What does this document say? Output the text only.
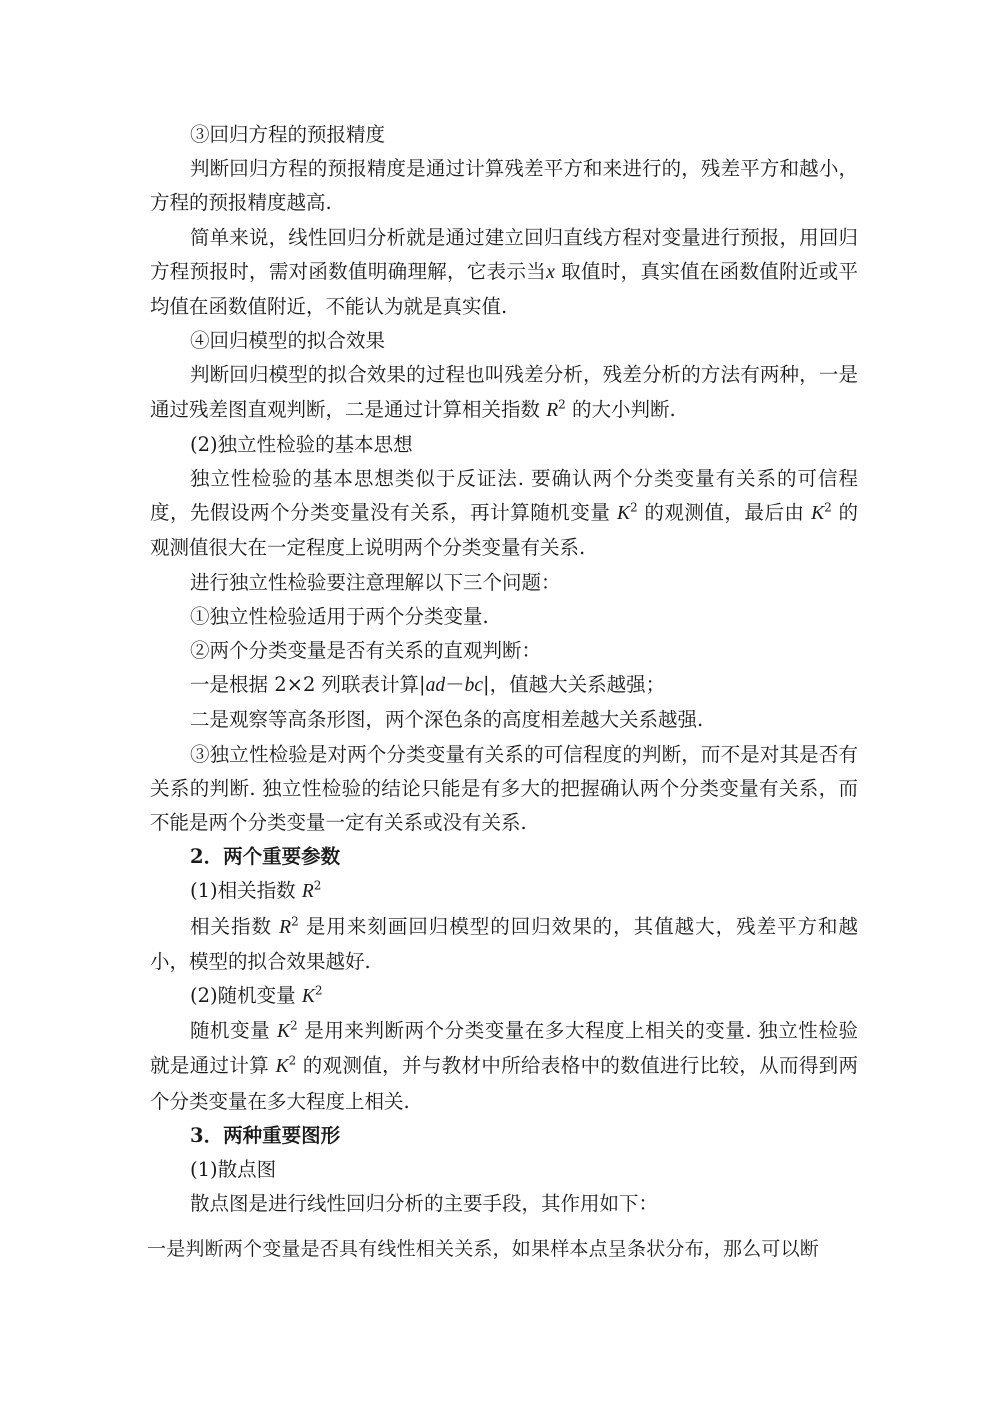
③回归方程的预报精度

判断回归方程的预报精度是通过计算残差平方和来进行的，残差平方和越小，方程的预报精度越高.

简单来说，线性回归分析就是通过建立回归直线方程对变量进行预报，用回归方程预报时，需对函数值明确理解，它表示当x 取值时，真实值在函数值附近或平均值在函数值附近，不能认为就是真实值.

④回归模型的拟合效果

判断回归模型的拟合效果的过程也叫残差分析，残差分析的方法有两种，一是通过残差图直观判断，二是通过计算相关指数 $R^2$ 的大小判断.

(2)独立性检验的基本思想

独立性检验的基本思想类似于反证法. 要确认两个分类变量有关系的可信程度，先假设两个分类变量没有关系，再计算随机变量 $K^2$ 的观测值，最后由 $K^2$ 的观测值很大在一定程度上说明两个分类变量有关系.

进行独立性检验要注意理解以下三个问题：

①独立性检验适用于两个分类变量.

②两个分类变量是否有关系的直观判断：

一是根据 2×2 列联表计算|ad－bc|，值越大关系越强；

二是观察等高条形图，两个深色条的高度相差越大关系越强.

③独立性检验是对两个分类变量有关系的可信程度的判断，而不是对其是否有关系的判断. 独立性检验的结论只能是有多大的把握确认两个分类变量有关系，而不能是两个分类变量一定有关系或没有关系.

2．两个重要参数

(1)相关指数 $R^2$

相关指数 $R^2$ 是用来刻画回归模型的回归效果的，其值越大，残差平方和越小，模型的拟合效果越好.

(2)随机变量 $K^2$

随机变量 $K^2$ 是用来判断两个分类变量在多大程度上相关的变量. 独立性检验就是通过计算 $K^2$ 的观测值，并与教材中所给表格中的数值进行比较，从而得到两个分类变量在多大程度上相关.

3．两种重要图形

(1)散点图

散点图是进行线性回归分析的主要手段，其作用如下：

一是判断两个变量是否具有线性相关关系，如果样本点呈条状分布，那么可以断
